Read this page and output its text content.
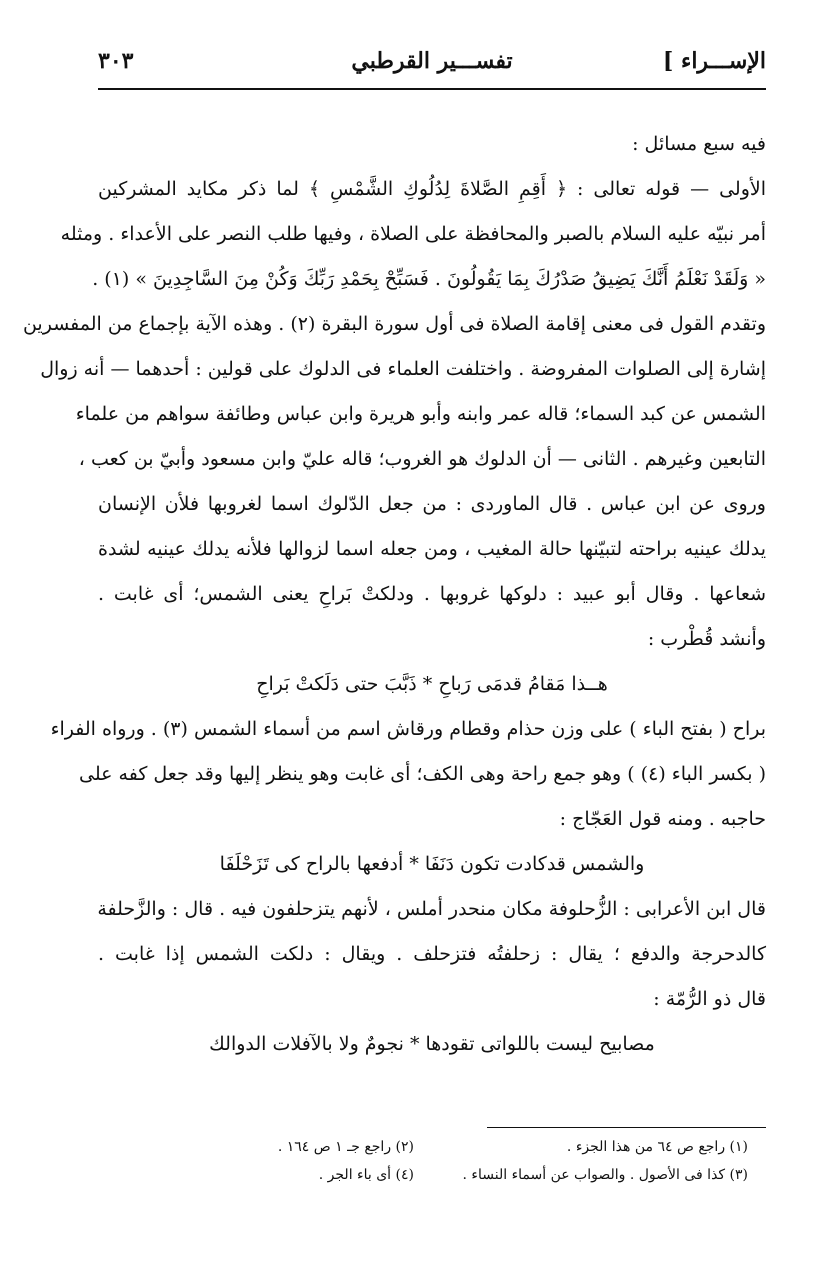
الإســـراء ]
تفســـير القرطبي
٣٠٣
فيه سبع مسائل :
الأولى — قوله تعالى : ﴿ أَقِمِ الصَّلاةَ لِدُلُوكِ الشَّمْسِ ﴾ لما ذكر مكايد المشركين
أمر نبيّه عليه السلام بالصبر والمحافظة على الصلاة ، وفيها طلب النصر على الأعداء . ومثله
« وَلَقَدْ نَعْلَمُ أَنَّكَ يَضِيقُ صَدْرُكَ بِمَا يَقُولُونَ . فَسَبِّحْ بِحَمْدِ رَبِّكَ وَكُنْ مِنَ السَّاجِدِينَ » (١) .
وتقدم القول فى معنى إقامة الصلاة فى أول سورة البقرة (٢) . وهذه الآية بإجماع من المفسرين
إشارة إلى الصلوات المفروضة . واختلفت العلماء فى الدلوك على قولين : أحدهما — أنه زوال
الشمس عن كبد السماء؛ قاله عمر وابنه وأبو هريرة وابن عباس وطائفة سواهم من علماء
التابعين وغيرهم . الثانى — أن الدلوك هو الغروب؛ قاله عليّ وابن مسعود وأبيّ بن كعب ،
وروى عن ابن عباس . قال الماوردى : من جعل الدّلوك اسما لغروبها فلأن الإنسان
يدلك عينيه براحته لتبيّنها حالة المغيب ، ومن جعله اسما لزوالها فلأنه يدلك عينيه لشدة
شعاعها . وقال أبو عبيد : دلوكها غروبها . ودلكتْ بَراحِ يعنى الشمس؛ أى غابت .
وأنشد قُطْرب :
هــذا مَقامُ قدمَى رَباحِ * ذَبَّبَ حتى دَلَكتْ بَراحِ
براح ( بفتح الباء ) على وزن حذام وقطام ورقاش اسم من أسماء الشمس (٣) . ورواه الفراء
( بكسر الباء (٤) ) وهو جمع راحة وهى الكف؛ أى غابت وهو ينظر إليها وقد جعل كفه على
حاجبه . ومنه قول العَجّاج :
والشمس قدكادت تكون دَنَفَا * أدفعها بالراح كى تَزَحْلَفَا
قال ابن الأعرابى : الزُّحلوفة مكان منحدر أملس ، لأنهم يتزحلفون فيه . قال : والزَّحلفة
كالدحرجة والدفع ؛ يقال : زحلفتُه فتزحلف . ويقال : دلكت الشمس إذا غابت .
قال ذو الرُّمّة :
مصابيح ليست باللواتى تقودها * نجومٌ ولا بالآفلات الدوالك
(١) راجع ص ٦٤ من هذا الجزء .
(٢) راجع جـ ١ ص ١٦٤ .
(٣) كذا فى الأصول . والصواب عن أسماء النساء .
(٤) أى باء الجر .
